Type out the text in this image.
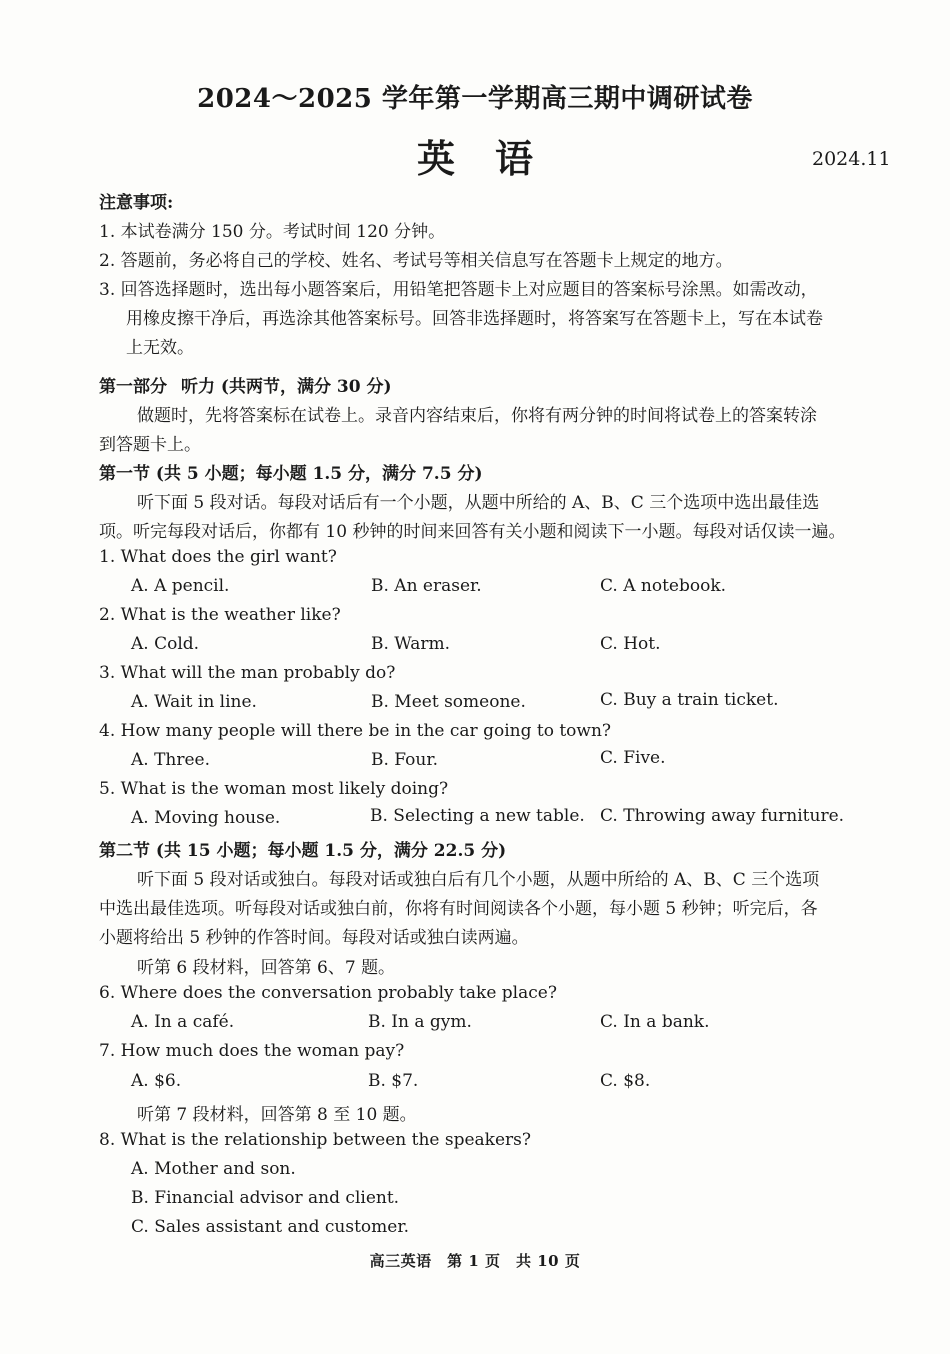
2024～2025 学年第一学期高三期中调研试卷
英语	2024.11
注意事项:
1. 本试卷满分 150 分。考试时间 120 分钟。
2. 答题前，务必将自己的学校、姓名、考试号等相关信息写在答题卡上规定的地方。
3. 回答选择题时，选出每小题答案后，用铅笔把答题卡上对应题目的答案标号涂黑。如需改动，
用橡皮擦干净后，再选涂其他答案标号。回答非选择题时，将答案写在答题卡上，写在本试卷
上无效。
第一部分 听力 (共两节，满分 30 分)
做题时，先将答案标在试卷上。录音内容结束后，你将有两分钟的时间将试卷上的答案转涂
到答题卡上。
第一节 (共 5 小题；每小题 1.5 分，满分 7.5 分)
听下面 5 段对话。每段对话后有一个小题，从题中所给的 A、B、C 三个选项中选出最佳选
项。听完每段对话后，你都有 10 秒钟的时间来回答有关小题和阅读下一小题。每段对话仅读一遍。
1. What does the girl want?
A. A pencil.	B. An eraser.	C. A notebook.
2. What is the weather like?
A. Cold.	B. Warm.	C. Hot.
3. What will the man probably do?
A. Wait in line.	B. Meet someone.	C. Buy a train ticket.
4. How many people will there be in the car going to town?
A. Three.	B. Four.	C. Five.
5. What is the woman most likely doing?
A. Moving house.	B. Selecting a new table. C. Throwing away furniture.
第二节 (共 15 小题；每小题 1.5 分，满分 22.5 分)
听下面 5 段对话或独白。每段对话或独白后有几个小题，从题中所给的 A、B、C 三个选项
中选出最佳选项。听每段对话或独白前，你将有时间阅读各个小题，每小题 5 秒钟；听完后，各
小题将给出 5 秒钟的作答时间。每段对话或独白读两遍。
听第 6 段材料，回答第 6、7 题。
6. Where does the conversation probably take place?
A. In a café.	B. In a gym.	C. In a bank.
7. How much does the woman pay?
A. $6.	B. $7.	C. $8.
听第 7 段材料，回答第 8 至 10 题。
8. What is the relationship between the speakers?
A. Mother and son.
B. Financial advisor and client.
C. Sales assistant and customer.
高三英语　第 1 页　共 10 页
